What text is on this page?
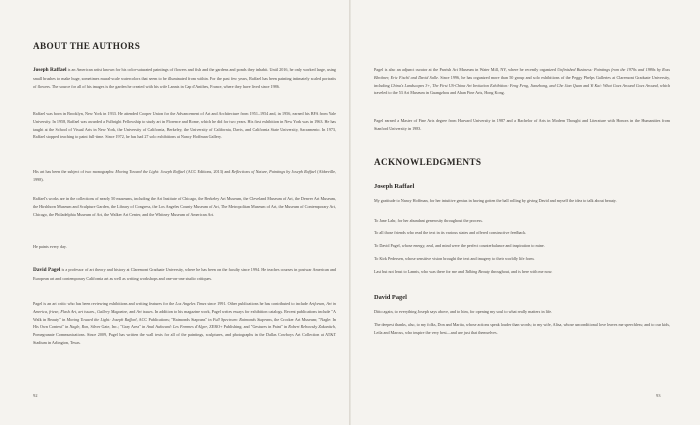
ABOUT THE AUTHORS
Joseph Raffael is an American artist known for his color-saturated paintings of flowers and fish and the gardens and ponds they inhabit. Until 2016, he only worked large, using small brushes to make huge, sometimes mural-scale watercolors that seem to be illuminated from within. For the past few years, Raffael has been painting intimately scaled portraits of flowers. The source for all of his images is the garden he created with his wife Lannis in Cap d'Antibes, France, where they have lived since 1986.
Raffael was born in Brooklyn, New York in 1933. He attended Cooper Union for the Advancement of Art and Architecture from 1951–1954 and, in 1956, earned his BFA from Yale University. In 1958, Raffael was awarded a Fulbright Fellowship to study art in Florence and Rome, which he did for two years. His first exhibition in New York was in 1963. He has taught at the School of Visual Arts in New York, the University of California, Berkeley, the University of California, Davis, and California State University, Sacramento. In 1973, Raffael stopped teaching to paint full-time. Since 1972, he has had 27 solo exhibitions at Nancy Hoffman Gallery.
His art has been the subject of two monographs: Moving Toward the Light: Joseph Raffael (ACC Editions, 2013) and Reflections of Nature, Paintings by Joseph Raffael (Abbeville, 1998).
Raffael's works are in the collections of nearly 50 museums, including the Art Institute of Chicago, the Berkeley Art Museum, the Cleveland Museum of Art, the Denver Art Museum, the Hirshhorn Museum and Sculpture Garden, the Library of Congress, the Los Angeles County Museum of Art, The Metropolitan Museum of Art, the Museum of Contemporary Art, Chicago, the Philadelphia Museum of Art, the Walker Art Center, and the Whitney Museum of American Art.
He paints every day.
David Pagel is a professor of art theory and history at Claremont Graduate University, where he has been on the faculty since 1994. He teaches courses in postwar American and European art and contemporary California art as well as writing workshops and one-on-one studio critiques.
Pagel is an art critic who has been reviewing exhibitions and writing features for the Los Angeles Times since 1991. Other publications he has contributed to include Artforum, Art in America, frieze, Flash Art, art issues., Gallery Magazine, and Art issues. In addition to his magazine work, Pagel writes essays for exhibition catalogs. Recent publications include "A Walk in Beauty" in Moving Toward the Light: Joseph Raffael, ACC Publications; "Raimonds Staprans" in Full Spectrum: Raimonds Staprans, the Crocker Art Museum; "Nagle: In His Own Context" in Nagle, Ron, Silver Gate, Inc.; "Gray Area" in Anal Awkward: Les Femmes d'Alger, ZERO+ Publishing; and "Gestures in Paint" in Robert Rebowsky Zakanitch, Pomegranate Communications. Since 2009, Pagel has written the wall texts for all of the paintings, sculptures, and photographs in the Dallas Cowboys Art Collection at AT&T Stadium in Arlington, Texas.
92
Pagel is also an adjunct curator at the Parrish Art Museum in Water Mill, NY, where he recently organized Unfinished Business: Paintings from the 1970s and 1980s by Ross Bleckner, Eric Fischl and David Salle. Since 1996, he has organized more than 50 group and solo exhibitions of the Peggy Phelps Galleries at Claremont Graduate University, including China's Landscapes 3+, The First US-China Art Invitation Exhibition: Feng Feng, Jianzhong, and Che Jian Quan and Yi Kai: What Goes Around Goes Around, which traveled to the 53 Art Museum in Guangzhou and Ahan Fine Arts, Hong Kong.
Pagel earned a Master of Fine Arts degree from Harvard University in 1987 and a Bachelor of Arts in Modern Thought and Literature with Honors in the Humanities from Stanford University in 1983.
ACKNOWLEDGMENTS
Joseph Raffael
My gratitude to Nancy Hoffman, for her intuitive genius in having gotten the ball rolling by giving David and myself the idea to talk about beauty.
To Jane Lahr, for her abundant generosity throughout the process.
To all those friends who read the text in its various states and offered constructive feedback.
To David Pagel, whose energy, zeal, and mind were the perfect counterbalance and inspiration to mine.
To Kirk Pedersen, whose sensitive vision brought the text and imagery to their worldly life form.
Last but not least to Lannis, who was there for me and Talking Beauty throughout, and is here with me now.
David Pagel
Ditto again, to everything Joseph says above, and to him, for opening my soul to what really matters in life.
The deepest thanks, also, to my folks, Don and Marita, whose actions speak louder than words; to my wife, Alisa, whose unconditional love leaves me speechless; and to our kids, Leila and Marcus, who inspire the very best—and are just that themselves.
93
